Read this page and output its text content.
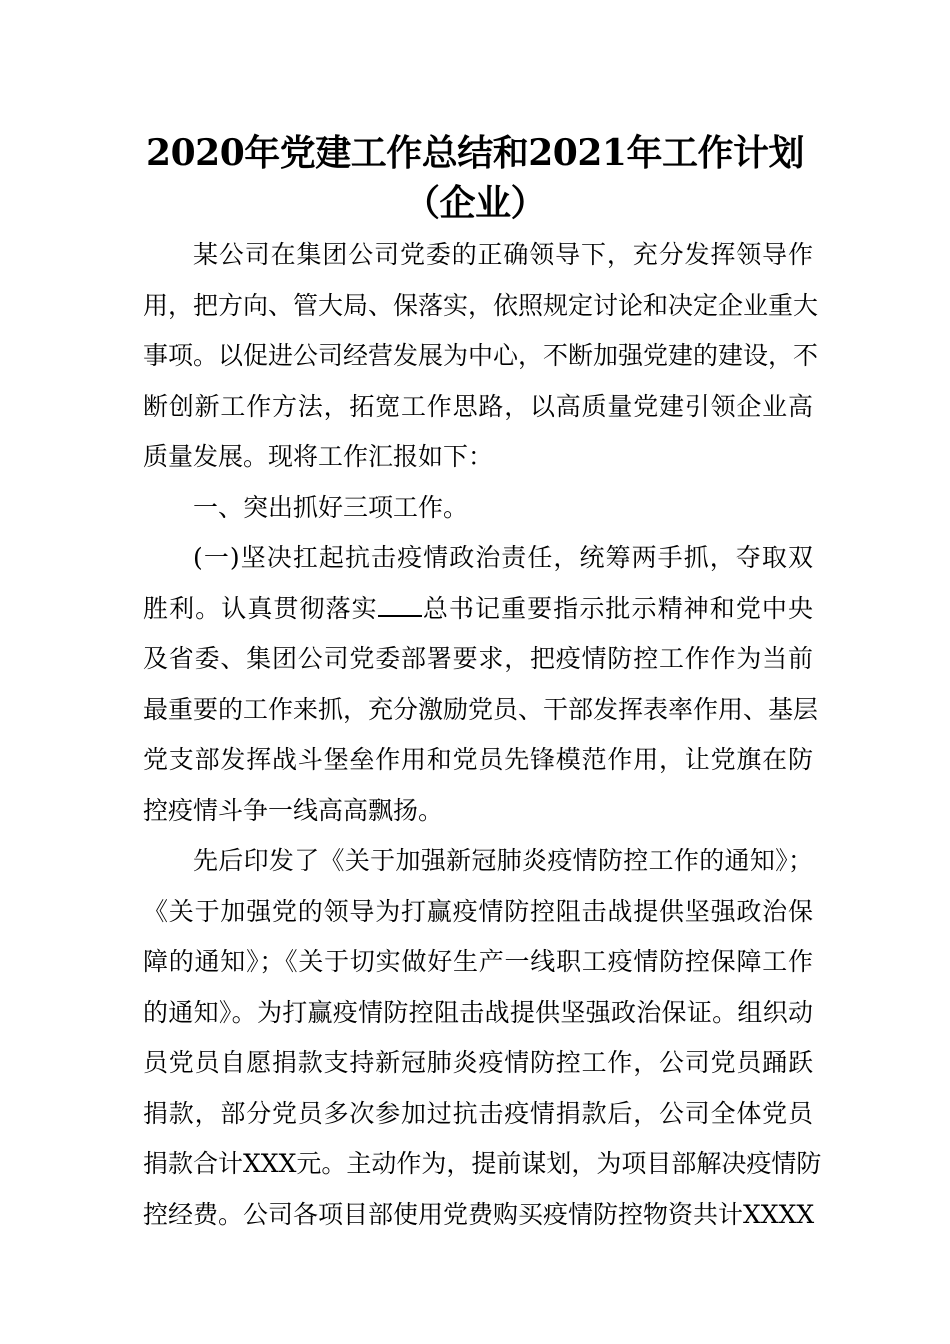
2020年党建工作总结和2021年工作计划
（企业）
某公司在集团公司党委的正确领导下，充分发挥领导作
用，把方向、管大局、保落实，依照规定讨论和决定企业重大
事项。以促进公司经营发展为中心，不断加强党建的建设，不
断创新工作方法，拓宽工作思路，以高质量党建引领企业高
质量发展。现将工作汇报如下：
一、突出抓好三项工作。
(一)坚决扛起抗击疫情政治责任，统筹两手抓，夺取双
胜利。认真贯彻落实 总书记重要指示批示精神和党中央
及省委、集团公司党委部署要求，把疫情防控工作作为当前
最重要的工作来抓，充分激励党员、干部发挥表率作用、基层
党支部发挥战斗堡垒作用和党员先锋模范作用，让党旗在防
控疫情斗争一线高高飘扬。
先后印发了《关于加强新冠肺炎疫情防控工作的通知》；
《关于加强党的领导为打赢疫情防控阻击战提供坚强政治保
障的通知》；《关于切实做好生产一线职工疫情防控保障工作
的通知》。为打赢疫情防控阻击战提供坚强政治保证。组织动
员党员自愿捐款支持新冠肺炎疫情防控工作，公司党员踊跃
捐款，部分党员多次参加过抗击疫情捐款后，公司全体党员
捐款合计XXX元。主动作为，提前谋划，为项目部解决疫情防
控经费。公司各项目部使用党费购买疫情防控物资共计XXXX
